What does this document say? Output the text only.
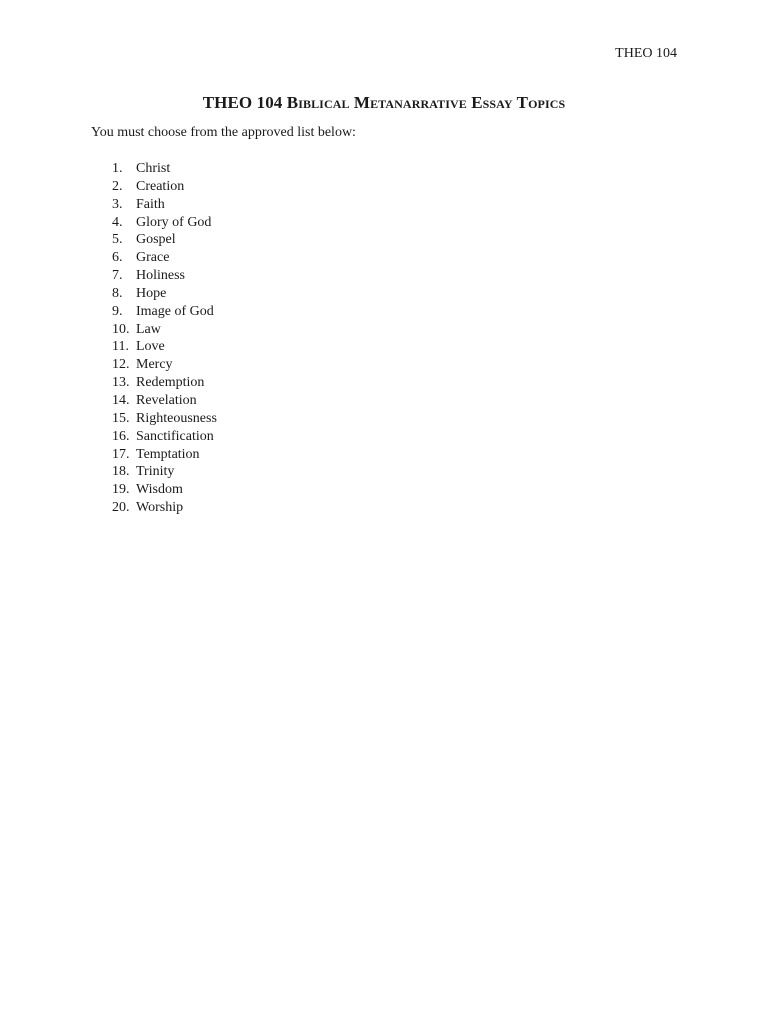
THEO 104
THEO 104 Biblical Metanarrative Essay Topics
You must choose from the approved list below:
1. Christ
2. Creation
3. Faith
4. Glory of God
5. Gospel
6. Grace
7. Holiness
8. Hope
9. Image of God
10. Law
11. Love
12. Mercy
13. Redemption
14. Revelation
15. Righteousness
16. Sanctification
17. Temptation
18. Trinity
19. Wisdom
20. Worship
